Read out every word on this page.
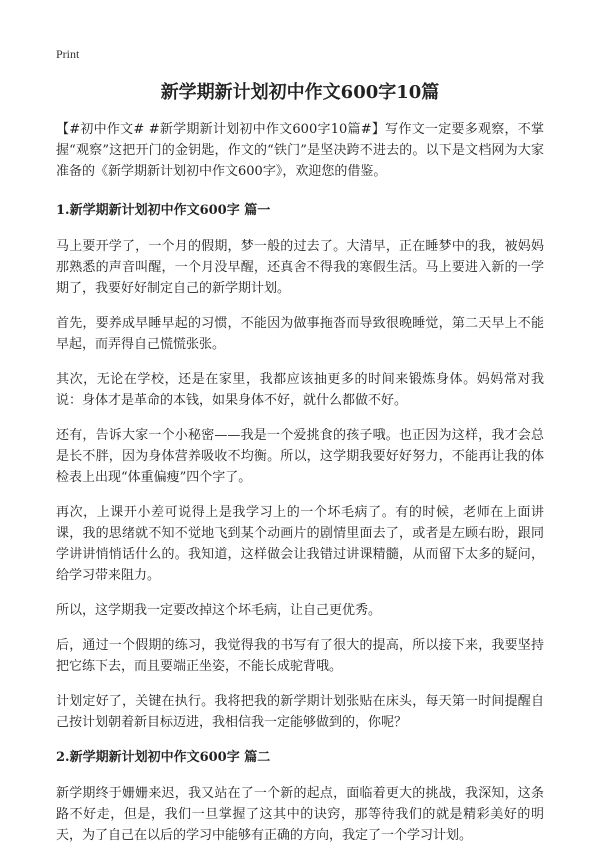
Print
新学期新计划初中作文600字10篇

【#初中作文# #新学期新计划初中作文600字10篇#】写作文一定要多观察，不掌握“观察”这把开门的金钥匙，作文的“铁门”是坚决跨不进去的。以下是文档网为大家准备的《新学期新计划初中作文600字》，欢迎您的借鉴。

1.新学期新计划初中作文600字 篇一

马上要开学了，一个月的假期，梦一般的过去了。大清早，正在睡梦中的我，被妈妈那熟悉的声音叫醒，一个月没早醒，还真舍不得我的寒假生活。马上要进入新的一学期了，我要好好制定自己的新学期计划。

首先，要养成早睡早起的习惯，不能因为做事拖沓而导致很晚睡觉，第二天早上不能早起，而弄得自己慌慌张张。

其次，无论在学校，还是在家里，我都应该抽更多的时间来锻炼身体。妈妈常对我说：身体才是革命的本钱，如果身体不好，就什么都做不好。

还有，告诉大家一个小秘密——我是一个爱挑食的孩子哦。也正因为这样，我才会总是长不胖，因为身体营养吸收不均衡。所以，这学期我要好好努力，不能再让我的体检表上出现“体重偏瘦”四个字了。

再次，上课开小差可说得上是我学习上的一个坏毛病了。有的时候，老师在上面讲课，我的思绪就不知不觉地飞到某个动画片的剧情里面去了，或者是左顾右盼，跟同学讲讲悄悄话什么的。我知道，这样做会让我错过讲课精髓，从而留下太多的疑问，给学习带来阻力。

所以，这学期我一定要改掉这个坏毛病，让自己更优秀。

后，通过一个假期的练习，我觉得我的书写有了很大的提高，所以接下来，我要坚持把它练下去，而且要端正坐姿，不能长成驼背哦。

计划定好了，关键在执行。我将把我的新学期计划张贴在床头，每天第一时间提醒自己按计划朝着新目标迈进，我相信我一定能够做到的，你呢？

2.新学期新计划初中作文600字 篇二

新学期终于姗姗来迟，我又站在了一个新的起点，面临着更大的挑战，我深知，这条路不好走，但是，我们一旦掌握了这其中的诀窍，那等待我们的就是精彩美好的明天，为了自己在以后的学习中能够有正确的方向，我定了一个学习计划。
